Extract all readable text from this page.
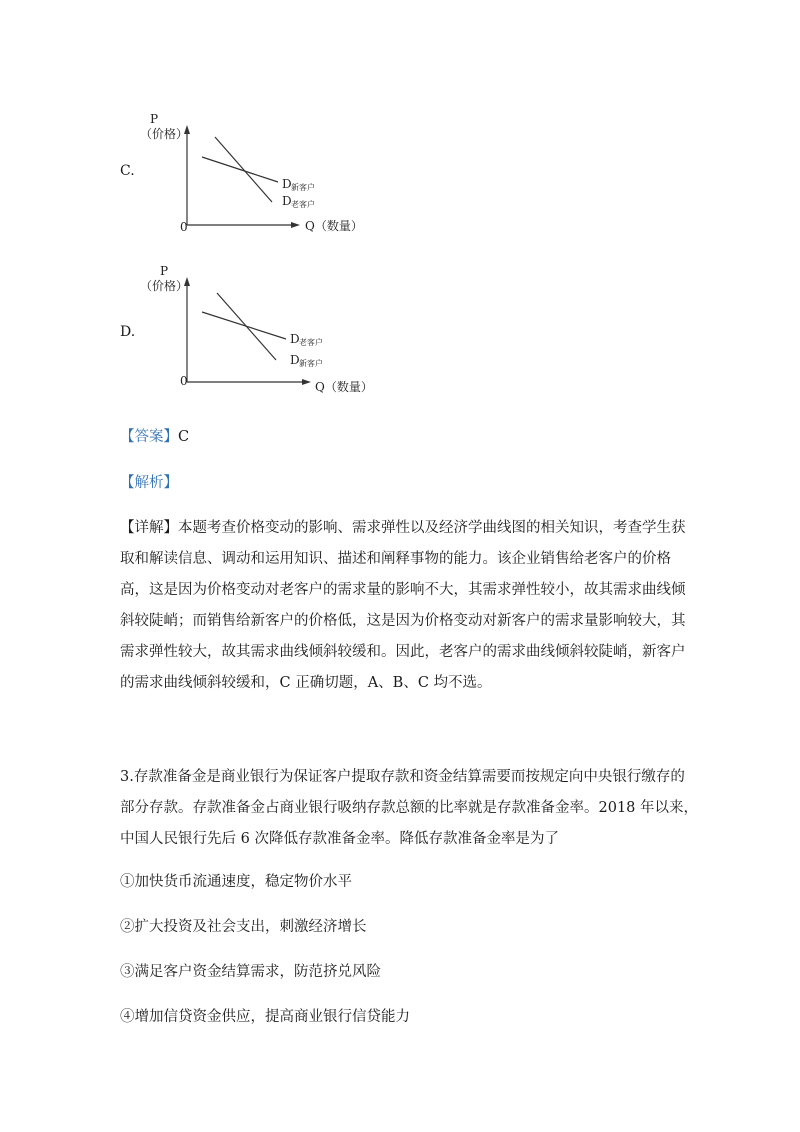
C.
P
（价格）
0	Q（数量）
D 新客户
D 老客户
D.
P
（价格）
0	Q（数量）
D 老客户
D 新客户
【答案】C
【解析】
【详解】本题考查价格变动的影响、需求弹性以及经济学曲线图的相关知识，考查学生获
取和解读信息、调动和运用知识、描述和阐释事物的能力。该企业销售给老客户的价格
高，这是因为价格变动对老客户的需求量的影响不大，其需求弹性较小，故其需求曲线倾
斜较陡峭；而销售给新客户的价格低，这是因为价格变动对新客户的需求量影响较大，其
需求弹性较大，故其需求曲线倾斜较缓和。因此，老客户的需求曲线倾斜较陡峭，新客户
的需求曲线倾斜较缓和，C 正确切题，A、B、C 均不选。
3.存款准备金是商业银行为保证客户提取存款和资金结算需要而按规定向中央银行缴存的
部分存款。存款准备金占商业银行吸纳存款总额的比率就是存款准备金率。2018 年以来，
中国人民银行先后 6 次降低存款准备金率。降低存款准备金率是为了
①加快货币流通速度，稳定物价水平
②扩大投资及社会支出，刺激经济增长
③满足客户资金结算需求，防范挤兑风险
④增加信贷资金供应，提高商业银行信贷能力
